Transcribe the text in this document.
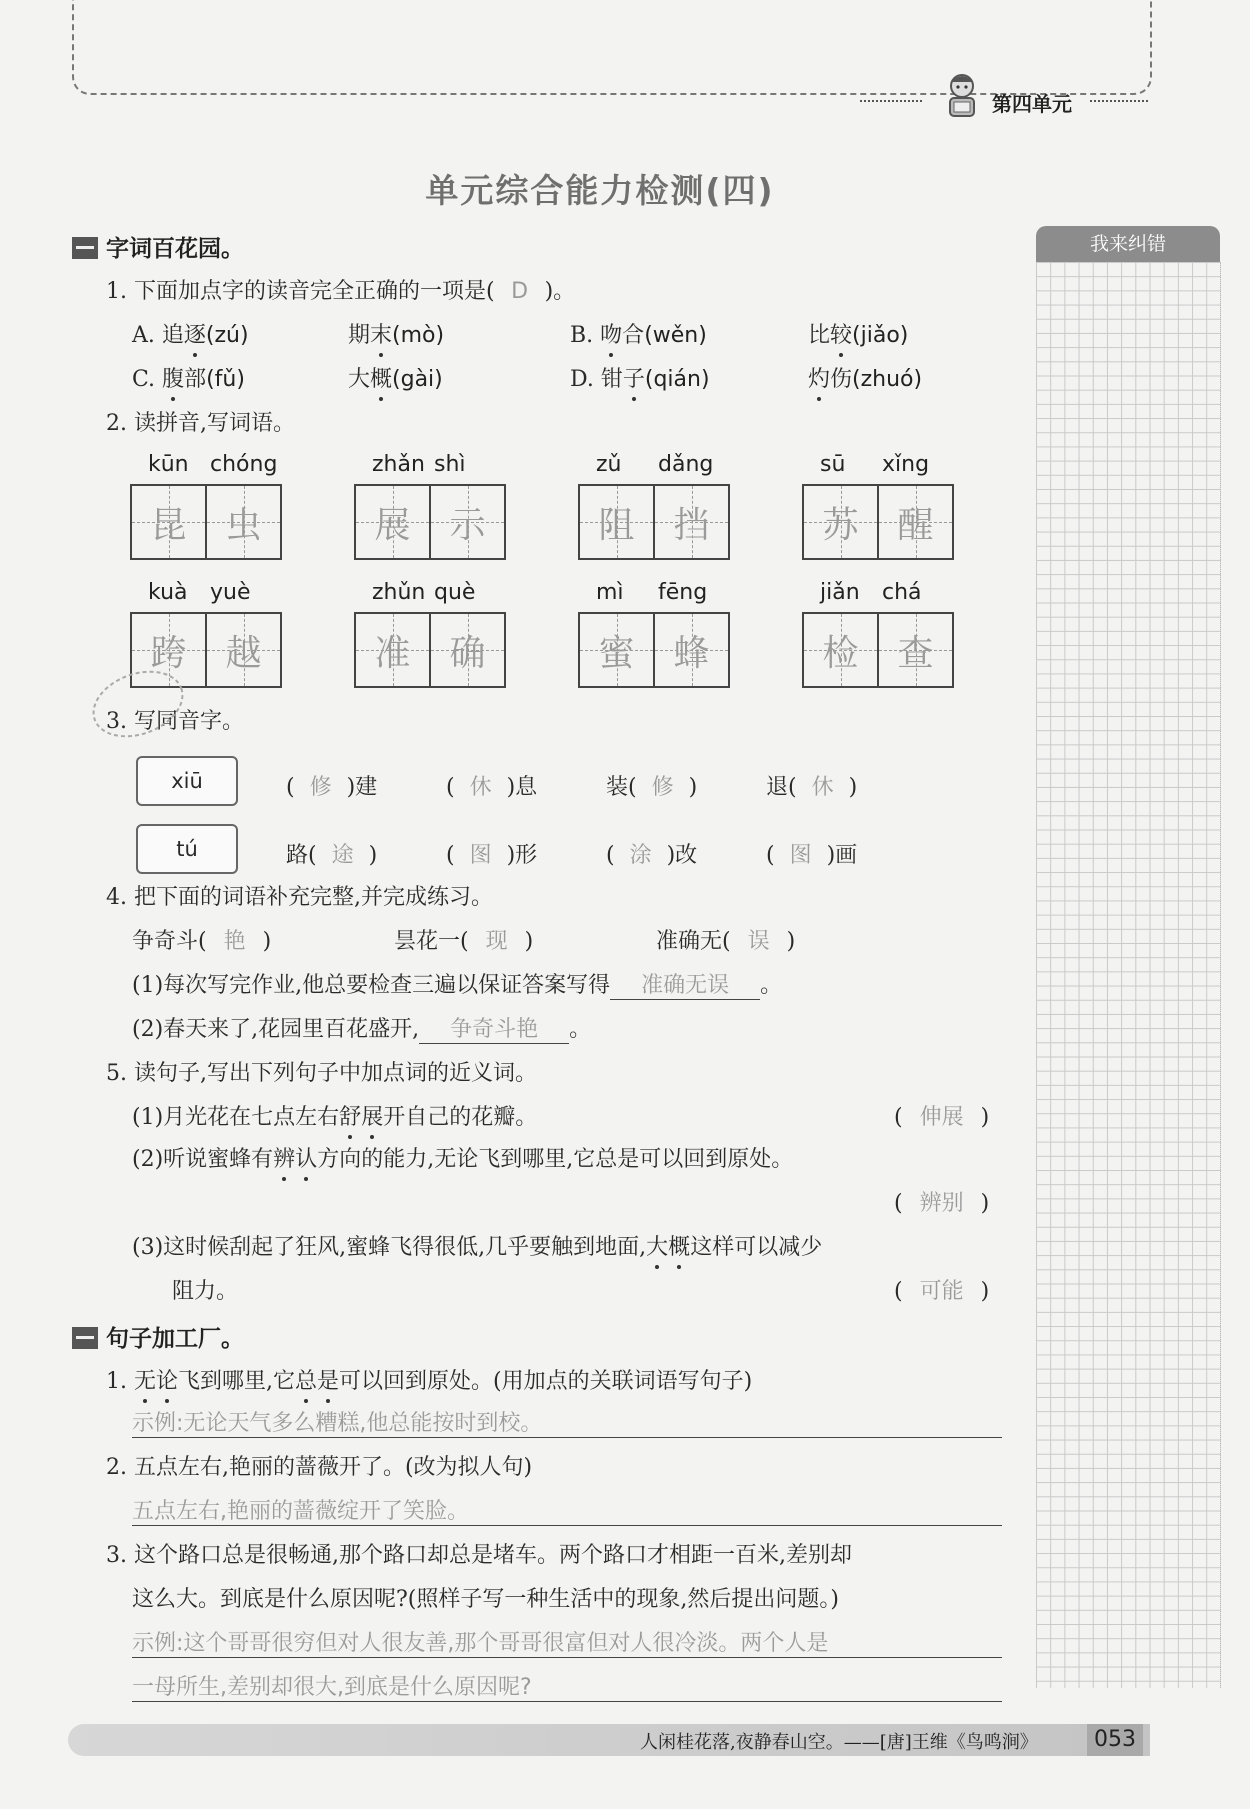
第四单元
单元综合能力检测(四)
我来纠错
字词百花园。
1. 下面加点字的读音完全正确的一项是( D )。
A. 追逐(zú)	期末(mò)	B. 吻合(wěn)	比较(jiǎo)
C. 腹部(fǔ)	大概(gài)	D. 钳子(qián)	灼伤(zhuó)
2. 读拼音,写词语。
kūn chóng
昆 虫
zhǎn shì
展 示
zǔ dǎng
阻 挡
sū xǐng
苏 醒
kuà yuè
跨 越
zhǔn què
准 确
mì fēng
蜜 蜂
jiǎn chá
检 查
3. 写同音字。
xiū
tú
( 修 )建	( 休 )息	装( 修 )	退( 休 )
路( 途 )	( 图 )形	( 涂 )改	( 图 )画
4. 把下面的词语补充完整,并完成练习。
争奇斗( 艳 )	昙花一( 现 )	准确无( 误 )
(1)每次写完作业,他总要检查三遍以保证答案写得 准确无误 。
(2)春天来了,花园里百花盛开, 争奇斗艳 。
5. 读句子,写出下列句子中加点词的近义词。
(1)月光花在七点左右舒展开自己的花瓣。	( 伸展 )
(2)听说蜜蜂有辨认方向的能力,无论飞到哪里,它总是可以回到原处。
( 辨别 )
(3)这时候刮起了狂风,蜜蜂飞得很低,几乎要触到地面,大概这样可以减少
阻力。	( 可能 )
句子加工厂。
1. 无论飞到哪里,它总是可以回到原处。(用加点的关联词语写句子)
示例:无论天气多么糟糕,他总能按时到校。
2. 五点左右,艳丽的蔷薇开了。(改为拟人句)
五点左右,艳丽的蔷薇绽开了笑脸。
3. 这个路口总是很畅通,那个路口却总是堵车。两个路口才相距一百米,差别却
这么大。到底是什么原因呢?(照样子写一种生活中的现象,然后提出问题。)
示例:这个哥哥很穷但对人很友善,那个哥哥很富但对人很冷淡。两个人是
一母所生,差别却很大,到底是什么原因呢?
人闲桂花落,夜静春山空。——[唐]王维《鸟鸣涧》	053
